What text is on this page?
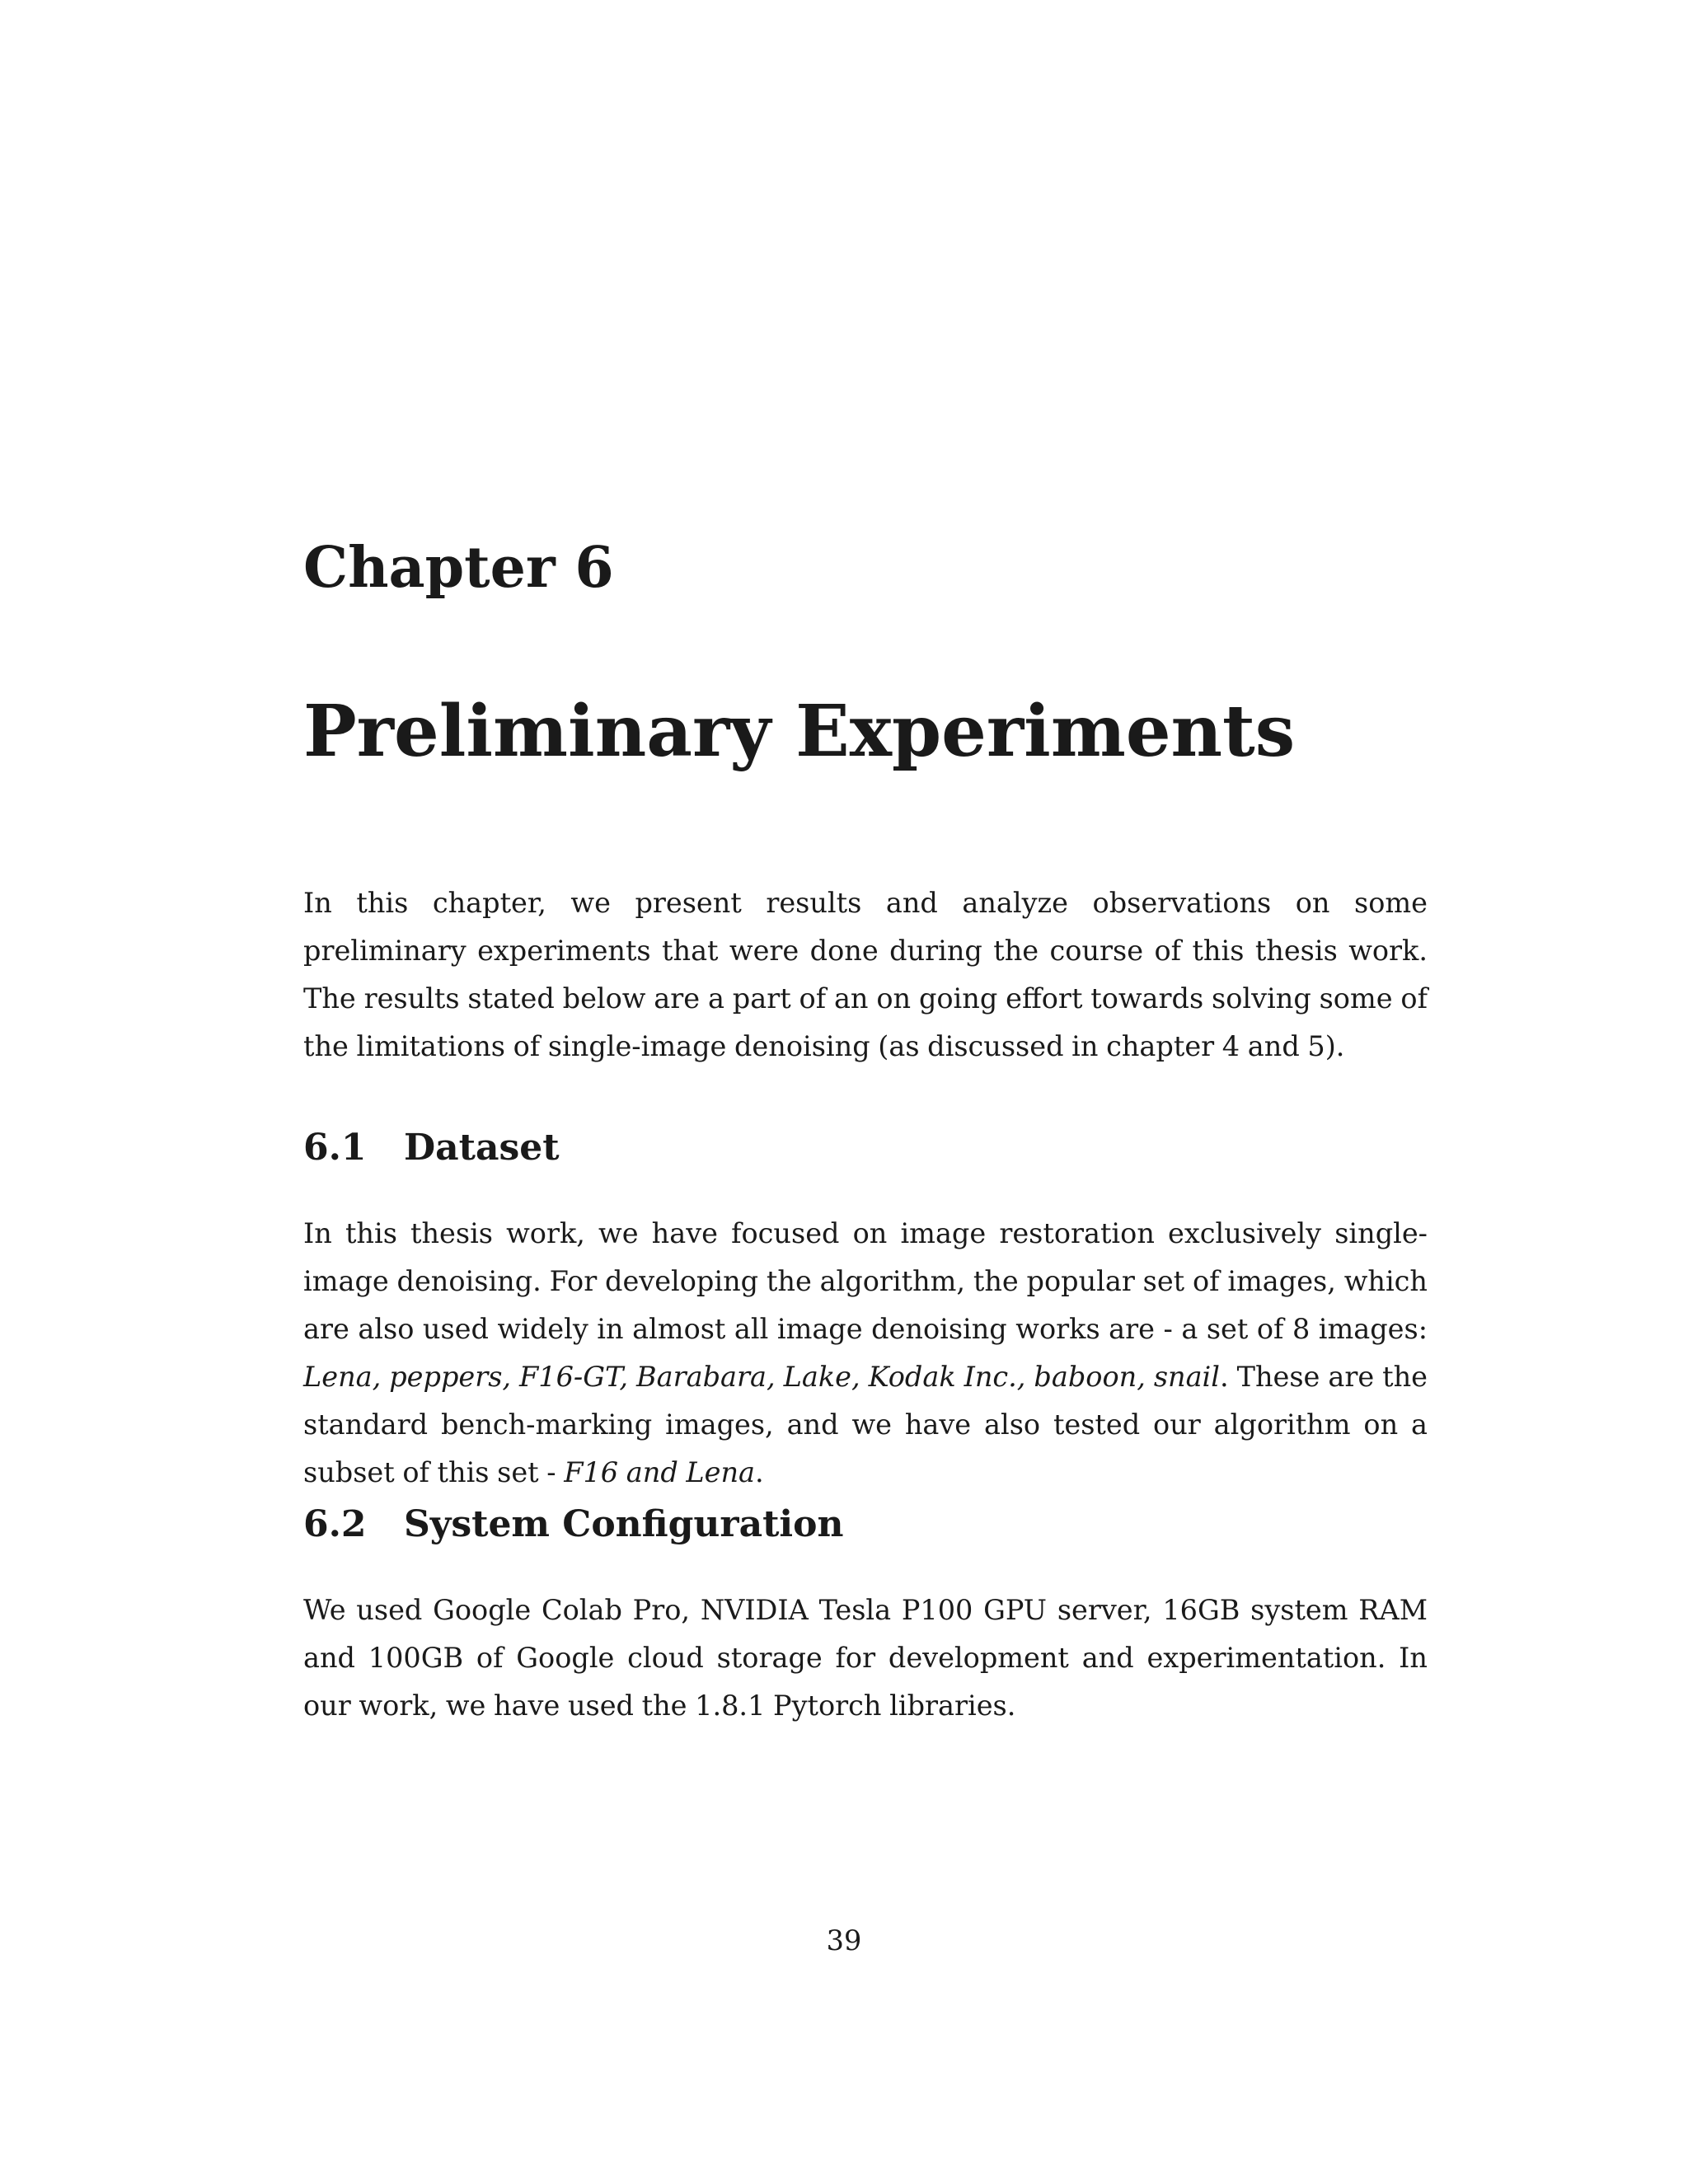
Chapter 6
Preliminary Experiments

In this chapter, we present results and analyze observations on some preliminary experiments that were done during the course of this thesis work. The results stated below are a part of an on going effort towards solving some of the limitations of single-image denoising (as discussed in chapter 4 and 5).

6.1 Dataset

In this thesis work, we have focused on image restoration exclusively single-image denoising. For developing the algorithm, the popular set of images, which are also used widely in almost all image denoising works are - a set of 8 images: Lena, peppers, F16-GT, Barabara, Lake, Kodak Inc., baboon, snail. These are the standard bench-marking images, and we have also tested our algorithm on a subset of this set - F16 and Lena.

6.2 System Configuration

We used Google Colab Pro, NVIDIA Tesla P100 GPU server, 16GB system RAM and 100GB of Google cloud storage for development and experimentation. In our work, we have used the 1.8.1 Pytorch libraries.

39
